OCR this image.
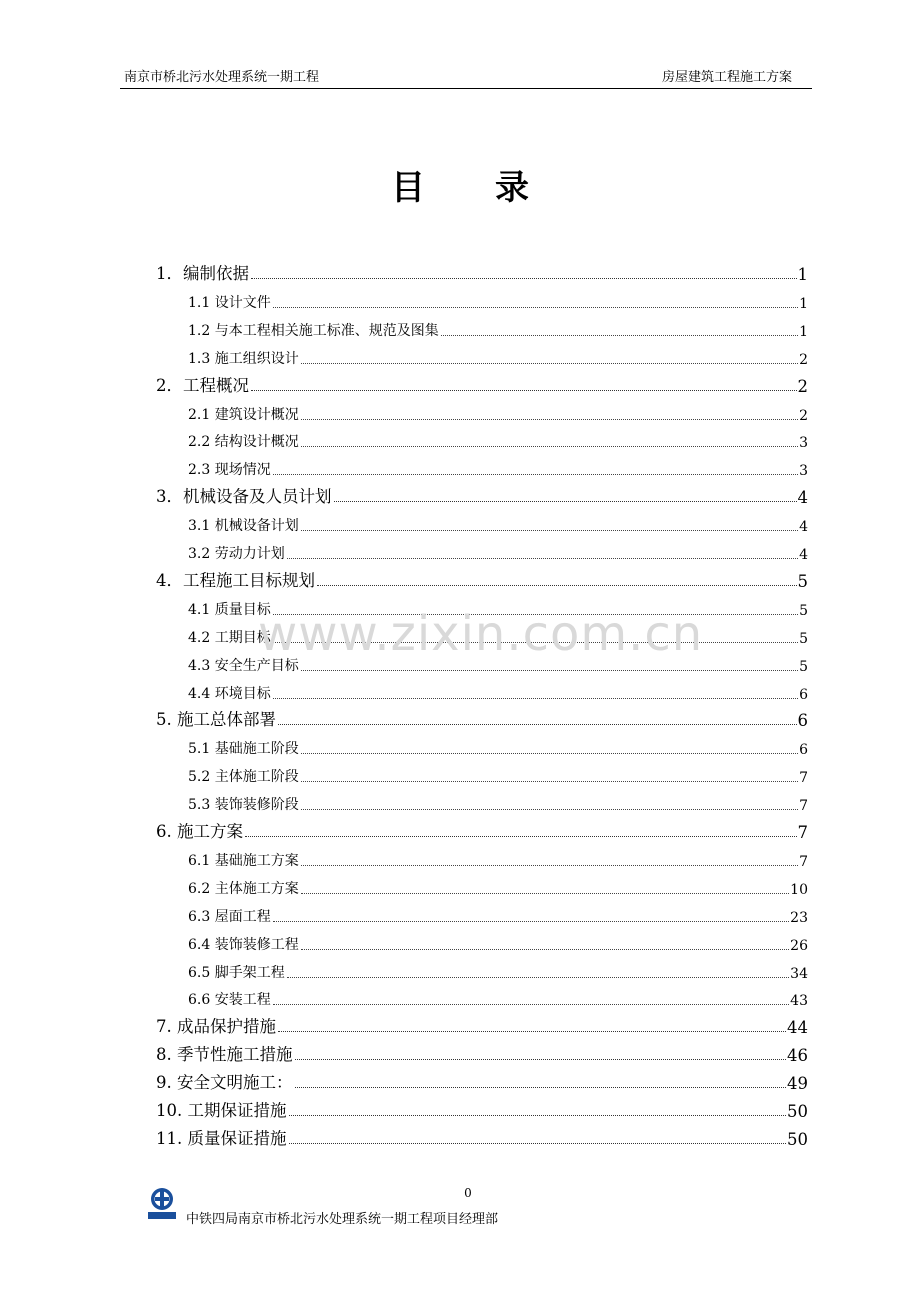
南京市桥北污水处理系统一期工程	房屋建筑工程施工方案
目录
1．编制依据	1
1.1 设计文件	1
1.2 与本工程相关施工标准、规范及图集	1
1.3 施工组织设计	2
2．工程概况	2
2.1 建筑设计概况	2
2.2 结构设计概况	3
2.3 现场情况	3
3．机械设备及人员计划	4
3.1 机械设备计划	4
3.2 劳动力计划	4
4．工程施工目标规划	5
4.1 质量目标	5
4.2 工期目标	5
4.3 安全生产目标	5
4.4 环境目标	6
5. 施工总体部署	6
5.1 基础施工阶段	6
5.2 主体施工阶段	7
5.3 装饰装修阶段	7
6. 施工方案	7
6.1 基础施工方案	7
6.2 主体施工方案	10
6.3 屋面工程	23
6.4 装饰装修工程	26
6.5 脚手架工程	34
6.6 安装工程	43
7. 成品保护措施	44
8. 季节性施工措施	46
9. 安全文明施工：	49
10. 工期保证措施	50
11. 质量保证措施	50
www.zixin.com.cn
0
中铁四局南京市桥北污水处理系统一期工程项目经理部
